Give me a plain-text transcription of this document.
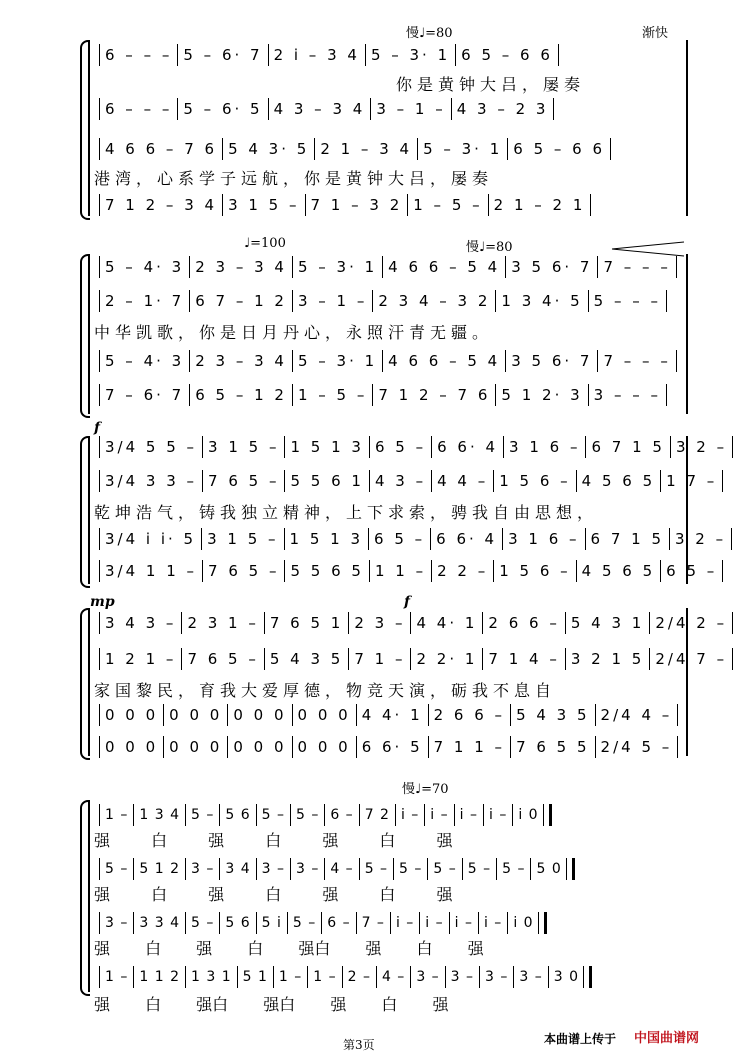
慢♩=80	渐快
6 – – – 5 – 6· 7 2 i – 3 4 5 – 3· 1 6 5 – 6 6
你是黄钟大吕，屡奏
6 – – – 5 – 6· 5 4 3 – 3 4 3 – 1 – 4 3 – 2 3
4 6 6 – 7 6 5 4 3· 5 2 1 – 3 4 5 – 3· 1 6 5 – 6 6
港湾，心系学子远航，你是黄钟大吕，屡奏
7 1 2 – 3 4 3 1 5 – 7 1 – 3 2 1 – 5 – 2 1 – 2 1
♩=100	慢♩=80
5 – 4· 3 2 3 – 3 4 5 – 3· 1 4 6 6 – 5 4 3 5 6· 7 7 – – –
2 – 1· 7 6 7 – 1 2 3 – 1 – 2 3 4 – 3 2 1 3 4· 5 5 – – –
中华凯歌，你是日月丹心，永照汗青无疆。
5 – 4· 3 2 3 – 3 4 5 – 3· 1 4 6 6 – 5 4 3 5 6· 7 7 – – –
7 – 6· 7 6 5 – 1 2 1 – 5 – 7 1 2 – 7 6 5 1 2· 3 3 – – –
f
3/4 5 5 – 3 1 5 – 1 5 1 3 6 5 – 6 6· 4 3 1 6 – 6 7 1 5 3 2 –
3/4 3 3 – 7 6 5 – 5 5 6 1 4 3 – 4 4 – 1 5 6 – 4 5 6 5 1 7 –
乾坤浩气，铸我独立精神，上下求索，骋我自由思想，
3/4 i i· 5 3 1 5 – 1 5 1 3 6 5 – 6 6· 4 3 1 6 – 6 7 1 5 3 2 –
3/4 1 1 – 7 6 5 – 5 5 6 5 1 1 – 2 2 – 1 5 6 – 4 5 6 5 6 5 –
mp	f
3 4 3 – 2 3 1 – 7 6 5 1 2 3 – 4 4· 1 2 6 6 – 5 4 3 1 2/4 2 –
1 2 1 – 7 6 5 – 5 4 3 5 7 1 – 2 2· 1 7 1 4 – 3 2 1 5 2/4 7 –
家国黎民，育我大爱厚德，物竞天演，砺我不息自
0 0 0 0 0 0 0 0 0 0 0 0 4 4· 1 2 6 6 – 5 4 3 5 2/4 4 –
0 0 0 0 0 0 0 0 0 0 0 0 6 6· 5 7 1 1 – 7 6 5 5 2/4 5 –
慢♩=70
1 – 1 3 4 5 – 5 6 5 – 5 – 6 – 7 2 i – i – i – i – i 0
强 白 强 白 强 白 强
5 – 5 1 2 3 – 3 4 3 – 3 – 4 – 5 – 5 – 5 – 5 – 5 – 5 0
强 白 强 白 强 白 强
3 – 3 3 4 5 – 5 6 5 i 5 – 6 – 7 – i – i – i – i – i 0
强 白 强 白 强白 强 白 强
1 – 1 1 2 1 3 1 5 1 1 – 1 – 2 – 4 – 3 – 3 – 3 – 3 – 3 0
强 白 强白 强白 强 白 强
第3页	本曲谱上传于 中国曲谱网
